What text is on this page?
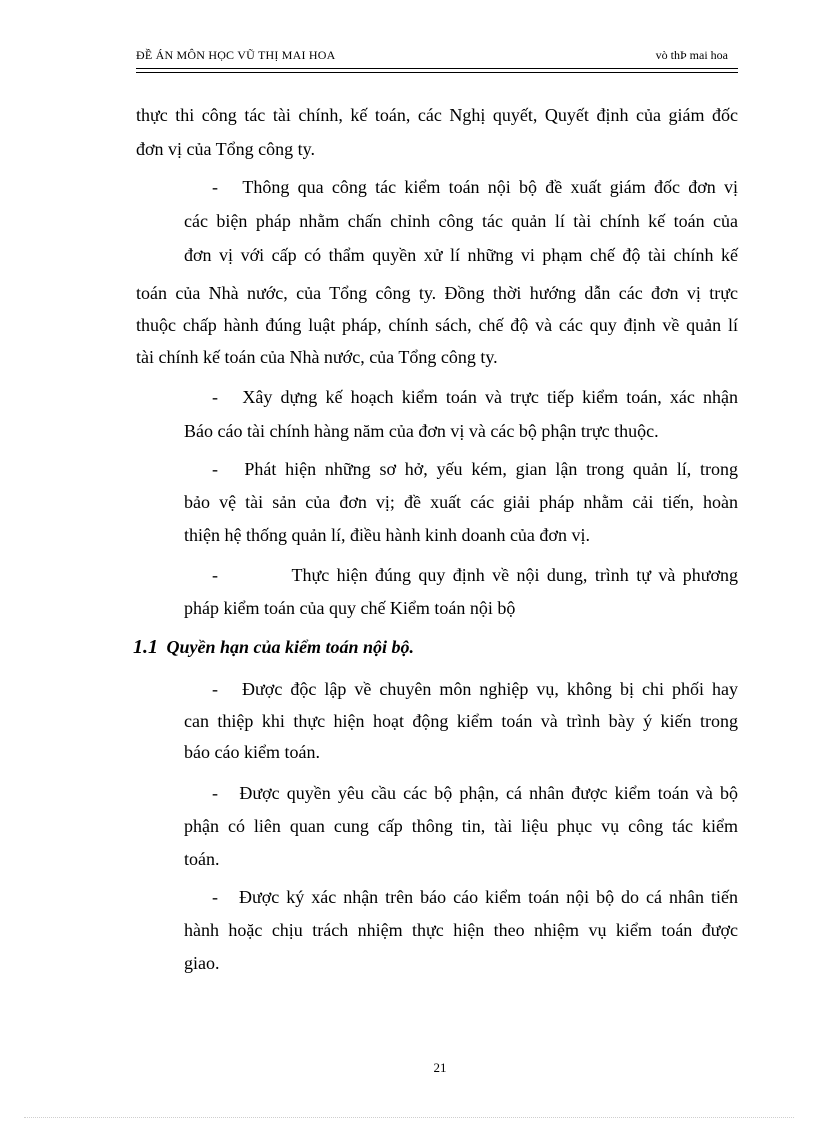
ĐỀ ÁN MÔN HỌC VŨ THỊ MAI HOA	vò thÞ mai hoa
thực thi công tác tài chính, kế toán, các Nghị quyết, Quyết định của giám đốc
đơn vị của Tổng công ty.
-   Thông qua công tác kiểm toán nội bộ đề xuất giám đốc đơn vị
các biện pháp nhằm chấn chỉnh công tác quản lí tài chính kế toán của
đơn vị với cấp có thẩm quyền xử lí những vi phạm chế độ tài chính kế
toán của Nhà nước, của Tổng công ty. Đồng thời hướng dẫn các đơn vị trực
thuộc chấp hành đúng luật pháp, chính sách, chế độ và các quy định về quản lí
tài chính kế toán của Nhà nước, của Tổng công ty.
-   Xây dựng kế hoạch kiểm toán và trực tiếp kiểm toán, xác nhận
Báo cáo tài chính hàng năm của đơn vị và các bộ phận trực thuộc.
-   Phát hiện những sơ hở, yếu kém, gian lận trong quản lí, trong
bảo vệ tài sản của đơn vị; đề xuất các giải pháp nhằm cải tiến, hoàn
thiện hệ thống quản lí, điều hành kinh doanh của đơn vị.
-          Thực hiện đúng quy định về nội dung, trình tự và phương
pháp kiểm toán của quy chế Kiểm toán nội bộ
1.1 Quyền hạn của kiểm toán nội bộ.
-   Được độc lập về chuyên môn nghiệp vụ, không bị chi phối hay
can thiệp khi thực hiện hoạt động kiểm toán và trình bày ý kiến trong
báo cáo kiểm toán.
-   Được quyền yêu cầu các bộ phận, cá nhân được kiểm toán và bộ
phận có liên quan cung cấp thông tin, tài liệu phục vụ công tác kiểm
toán.
-   Được ký xác nhận trên báo cáo kiểm toán nội bộ do cá nhân tiến
hành hoặc chịu trách nhiệm thực hiện theo nhiệm vụ kiểm toán được
giao.
21
